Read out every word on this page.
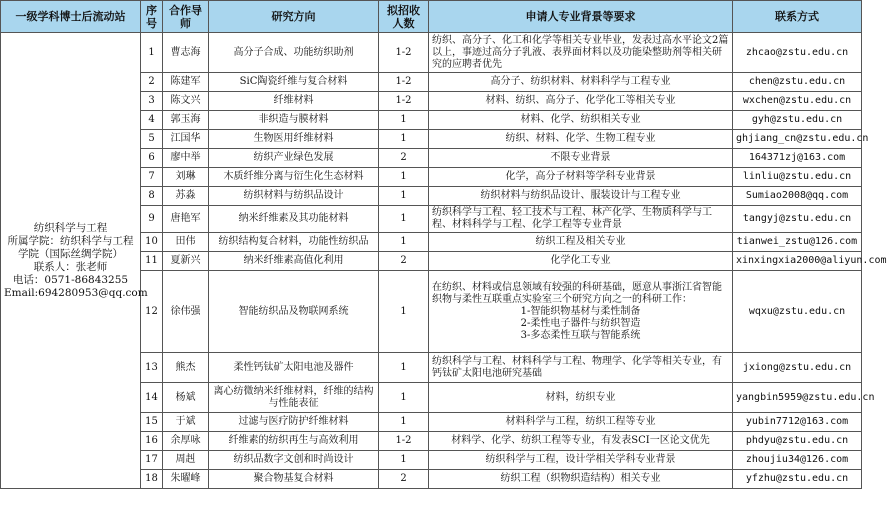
一级学科博士后流动站	序号	合作导师	研究方向	拟招收人数	申请人专业背景等要求	联系方式

纺织科学与工程
所属学院：纺织科学与工程学院（国际丝绸学院）
联系人：张老师
电话：0571-86843255
Email:694280953@qq.com	1	曹志海	高分子合成、功能纺织助剂	1-2	纺织、高分子、化工和化学等相关专业毕业，发表过高水平论文2篇以上，事迹过高分子乳液、表界面材料以及功能染整助剂等相关研究的应聘者优先	zhcao@zstu.edu.cn
	2	陈建军	SiC陶瓷纤维与复合材料	1-2	高分子、纺织材料、材料科学与工程专业	chen@zstu.edu.cn
	3	陈文兴	纤维材料	1-2	材料、纺织、高分子、化学化工等相关专业	wxchen@zstu.edu.cn
	4	郭玉海	非织造与膜材料	1	材料、化学、纺织相关专业	gyh@zstu.edu.cn
	5	江国华	生物医用纤维材料	1	纺织、材料、化学、生物工程专业	ghjiang_cn@zstu.edu.cn
	6	廖中举	纺织产业绿色发展	2	不限专业背景	164371zj@163.com
	7	刘琳	木质纤维分离与衍生化生态材料	1	化学，高分子材料等学科专业背景	linliu@zstu.edu.cn
	8	苏淼	纺织材料与纺织品设计	1	纺织材料与纺织品设计、服装设计与工程专业	Sumiao2008@qq.com
	9	唐艳军	纳米纤维素及其功能材料	1	纺织科学与工程、轻工技术与工程、林产化学、生物质科学与工程、材料科学与工程、化学工程等专业背景	tangyj@zstu.edu.cn
	10	田伟	纺织结构复合材料，功能性纺织品	1	纺织工程及相关专业	tianwei_zstu@126.com
	11	夏新兴	纳米纤维素高值化利用	2	化学化工专业	xinxingxia2000@aliyun.com
	12	徐伟强	智能纺织品及物联网系统	1	在纺织、材料或信息领域有较强的科研基础，愿意从事浙江省智能织物与柔性互联重点实验室三个研究方向之一的科研工作：
1-智能织物基材与柔性制备
2-柔性电子器件与纺织智造
3-多态柔性互联与智能系统	wqxu@zstu.edu.cn
	13	熊杰	柔性钙钛矿太阳电池及器件	1	纺织科学与工程、材料科学与工程、物理学、化学等相关专业，有钙钛矿太阳电池研究基础	jxiong@zstu.edu.cn
	14	杨斌	离心纺微纳米纤维材料，纤维的结构与性能表征	1	材料，纺织专业	yangbin5959@zstu.edu.cn
	15	于斌	过滤与医疗防护纤维材料	1	材料科学与工程，纺织工程等专业	yubin7712@163.com
	16	余厚咏	纤维素的纺织再生与高效利用	1-2	材料学、化学、纺织工程等专业，有发表SCI一区论文优先	phdyu@zstu.edu.cn
	17	周赳	纺织品数字文创和时尚设计	1	纺织科学与工程，设计学相关学科专业背景	zhoujiu34@126.com
	18	朱曜峰	聚合物基复合材料	2	纺织工程（织物织造结构）相关专业	yfzhu@zstu.edu.cn
